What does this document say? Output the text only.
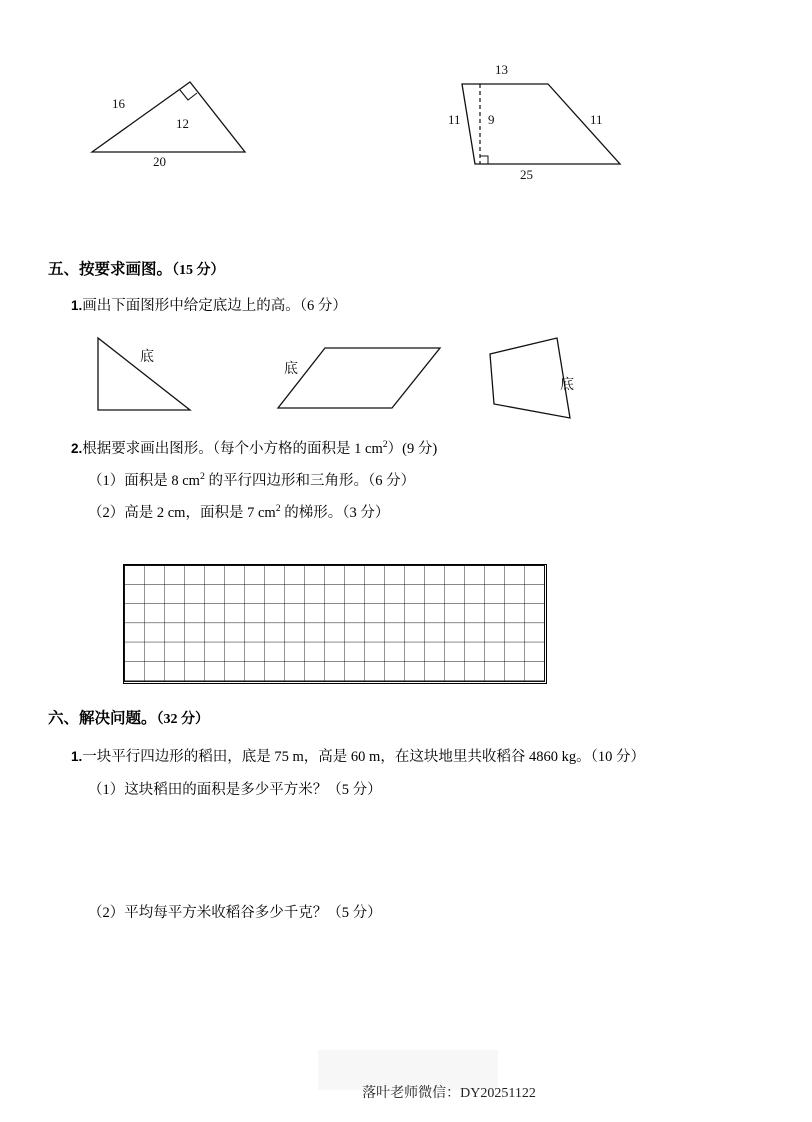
16
12
20
13
11 9	11
25
五、按要求画图。（15 分）
1.画出下面图形中给定底边上的高。（6 分）
底
底
底
2.根据要求画出图形。（每个小方格的面积是 1 $cm^2)(9$ 分)
（1）面积是 8 $cm^2$ 的平行四边形和三角形。（6 分）
（2）高是 2 cm，面积是 7 $cm^2$ 的梯形。（3 分）
六、解决问题。（32 分）
1.一块平行四边形的稻田，底是 75 m，高是 60 m，在这块地里共收稻谷 4860 kg。（10 分）
（1）这块稻田的面积是多少平方米？（5 分）
（2）平均每平方米收稻谷多少千克？（5 分）
落叶老师微信：DY20251122
